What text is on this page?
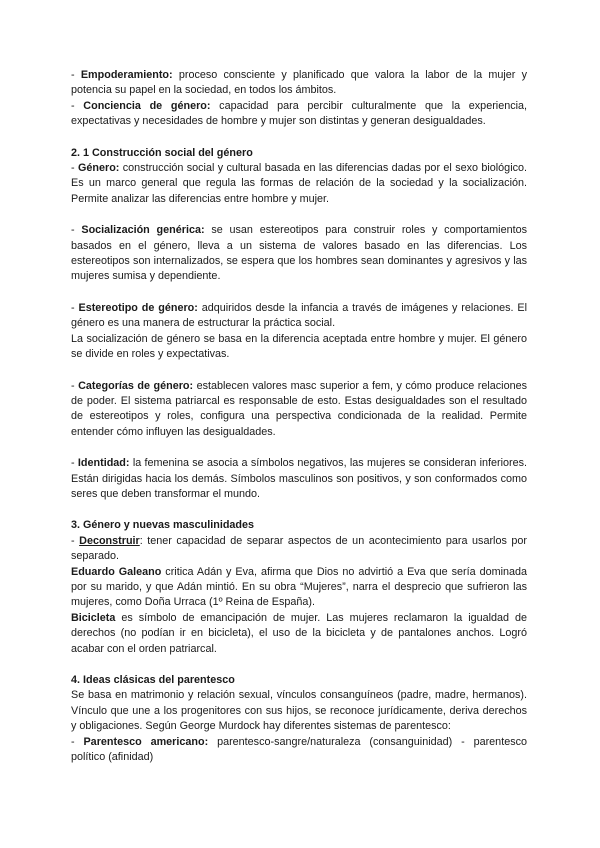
- Empoderamiento: proceso consciente y planificado que valora la labor de la mujer y potencia su papel en la sociedad, en todos los ámbitos.

- Conciencia de género: capacidad para percibir culturalmente que la experiencia, expectativas y necesidades de hombre y mujer son distintas y generan desigualdades.

2. 1 Construcción social del género

- Género: construcción social y cultural basada en las diferencias dadas por el sexo biológico. Es un marco general que regula las formas de relación de la sociedad y la socialización. Permite analizar las diferencias entre hombre y mujer.

- Socialización genérica: se usan estereotipos para construir roles y comportamientos basados en el género, lleva a un sistema de valores basado en las diferencias. Los estereotipos son internalizados, se espera que los hombres sean dominantes y agresivos y las mujeres sumisa y dependiente.

- Estereotipo de género: adquiridos desde la infancia a través de imágenes y relaciones. El género es una manera de estructurar la práctica social.

La socialización de género se basa en la diferencia aceptada entre hombre y mujer. El género se divide en roles y expectativas.

- Categorías de género: establecen valores masc superior a fem, y cómo produce relaciones de poder. El sistema patriarcal es responsable de esto. Estas desigualdades son el resultado de estereotipos y roles, configura una perspectiva condicionada de la realidad. Permite entender cómo influyen las desigualdades.

- Identidad: la femenina se asocia a símbolos negativos, las mujeres se consideran inferiores. Están dirigidas hacia los demás. Símbolos masculinos son positivos, y son conformados como seres que deben transformar el mundo.

3. Género y nuevas masculinidades

- Deconstruir: tener capacidad de separar aspectos de un acontecimiento para usarlos por separado.

Eduardo Galeano critica Adán y Eva, afirma que Dios no advirtió a Eva que sería dominada por su marido, y que Adán mintió. En su obra “Mujeres”, narra el desprecio que sufrieron las mujeres, como Doña Urraca (1º Reina de España).

Bicicleta es símbolo de emancipación de mujer. Las mujeres reclamaron la igualdad de derechos (no podían ir en bicicleta), el uso de la bicicleta y de pantalones anchos. Logró acabar con el orden patriarcal.

4. Ideas clásicas del parentesco

Se basa en matrimonio y relación sexual, vínculos consanguíneos (padre, madre, hermanos). Vínculo que une a los progenitores con sus hijos, se reconoce jurídicamente, deriva derechos y obligaciones. Según George Murdock hay diferentes sistemas de parentesco:

- Parentesco americano: parentesco-sangre/naturaleza (consanguinidad) - parentesco político (afinidad)
